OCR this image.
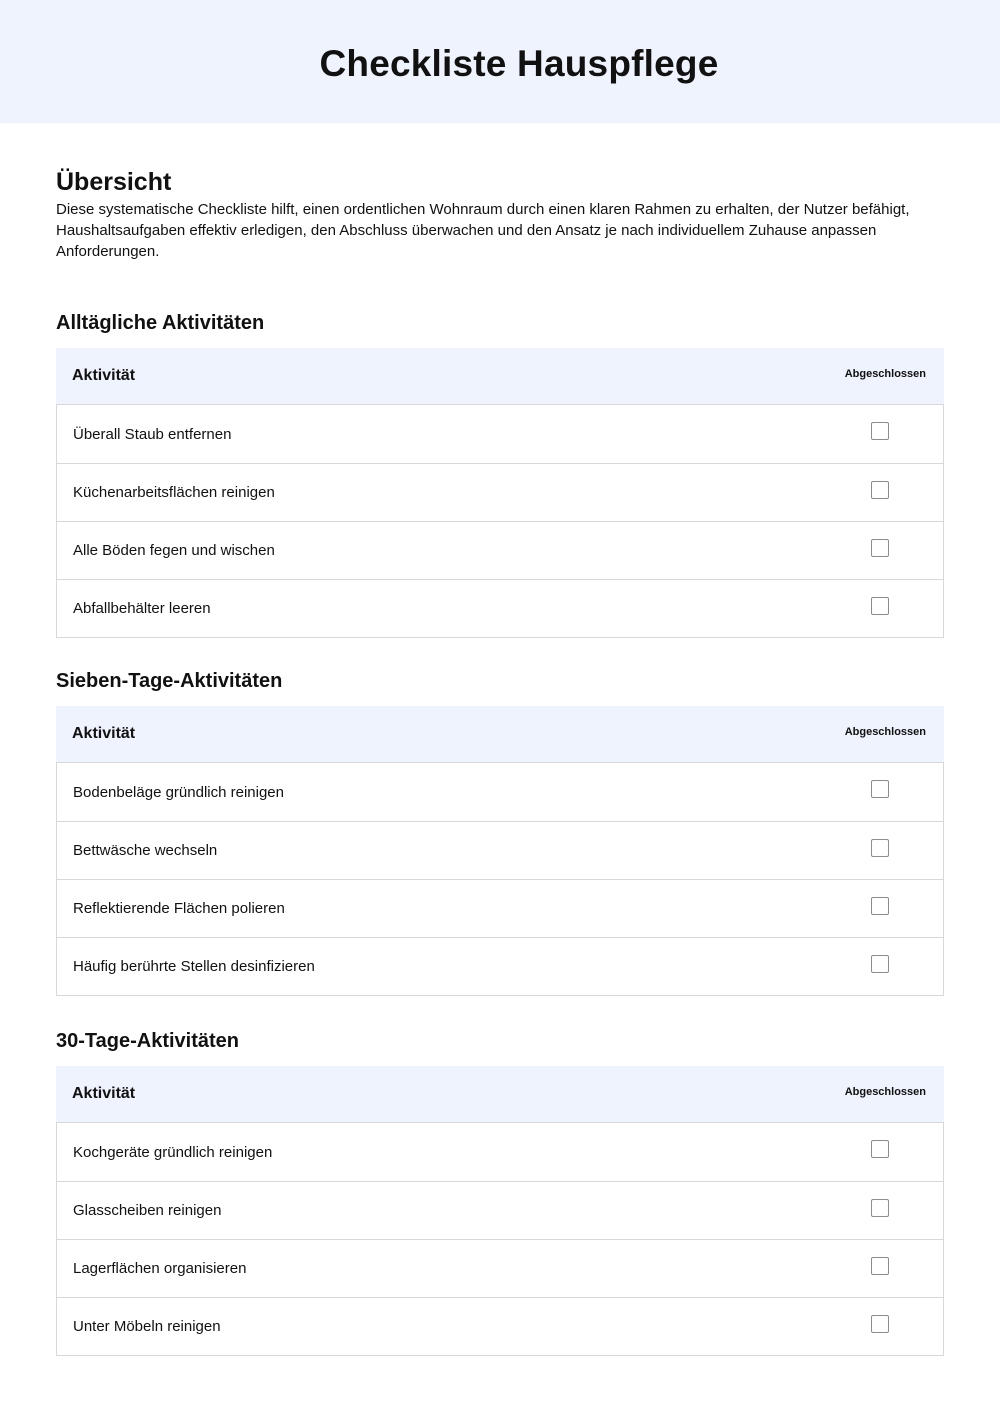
Checkliste Hauspflege
Übersicht

Diese systematische Checkliste hilft, einen ordentlichen Wohnraum durch einen klaren Rahmen zu erhalten, der Nutzer befähigt, Haushaltsaufgaben effektiv erledigen, den Abschluss überwachen und den Ansatz je nach individuellem Zuhause anpassen Anforderungen.

Alltägliche Aktivitäten
Aktivität	Abgeschlossen
Überall Staub entfernen
Küchenarbeitsflächen reinigen
Alle Böden fegen und wischen
Abfallbehälter leeren
Sieben-Tage-Aktivitäten
Aktivität	Abgeschlossen
Bodenbeläge gründlich reinigen
Bettwäsche wechseln
Reflektierende Flächen polieren
Häufig berührte Stellen desinfizieren
30-Tage-Aktivitäten
Aktivität	Abgeschlossen
Kochgeräte gründlich reinigen
Glasscheiben reinigen
Lagerflächen organisieren
Unter Möbeln reinigen
